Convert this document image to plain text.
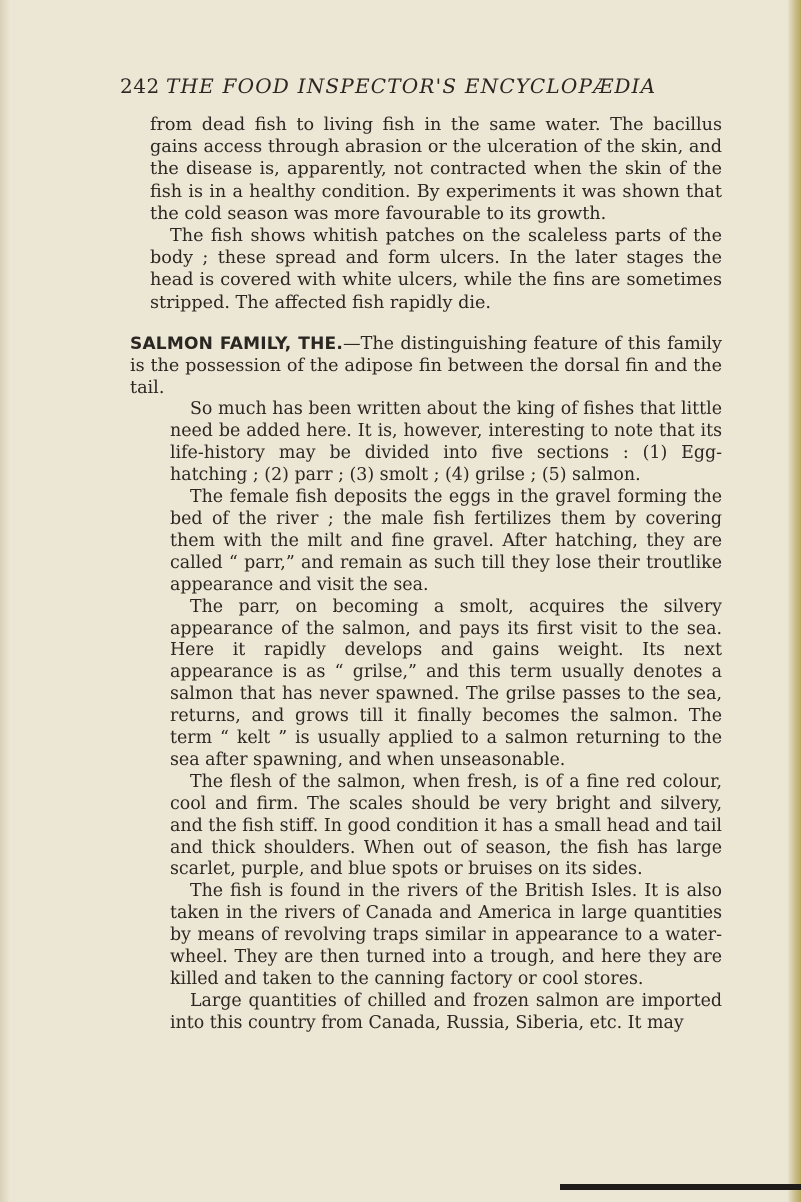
242 THE FOOD INSPECTOR'S ENCYCLOPÆDIA

from dead fish to living fish in the same water. The bacillus gains access through abrasion or the ulceration of the skin, and the disease is, apparently, not contracted when the skin of the fish is in a healthy condition. By experiments it was shown that the cold season was more favourable to its growth.

The fish shows whitish patches on the scaleless parts of the body ; these spread and form ulcers. In the later stages the head is covered with white ulcers, while the fins are sometimes stripped. The affected fish rapidly die.

SALMON FAMILY, THE.—The distinguishing feature of this family is the possession of the adipose fin between the dorsal fin and the tail.

So much has been written about the king of fishes that little need be added here. It is, however, interesting to note that its life-history may be divided into five sections : (1) Egg-hatching ; (2) parr ; (3) smolt ; (4) grilse ; (5) salmon.

The female fish deposits the eggs in the gravel forming the bed of the river ; the male fish fertilizes them by covering them with the milt and fine gravel. After hatching, they are called “ parr,” and remain as such till they lose their troutlike appearance and visit the sea.

The parr, on becoming a smolt, acquires the silvery appearance of the salmon, and pays its first visit to the sea. Here it rapidly develops and gains weight. Its next appearance is as “ grilse,” and this term usually denotes a salmon that has never spawned. The grilse passes to the sea, returns, and grows till it finally becomes the salmon. The term “ kelt ” is usually applied to a salmon returning to the sea after spawning, and when unseasonable.

The flesh of the salmon, when fresh, is of a fine red colour, cool and firm. The scales should be very bright and silvery, and the fish stiff. In good condition it has a small head and tail and thick shoulders. When out of season, the fish has large scarlet, purple, and blue spots or bruises on its sides.

The fish is found in the rivers of the British Isles. It is also taken in the rivers of Canada and America in large quantities by means of revolving traps similar in appearance to a water-wheel. They are then turned into a trough, and here they are killed and taken to the canning factory or cool stores.

Large quantities of chilled and frozen salmon are imported into this country from Canada, Russia, Siberia, etc. It may
